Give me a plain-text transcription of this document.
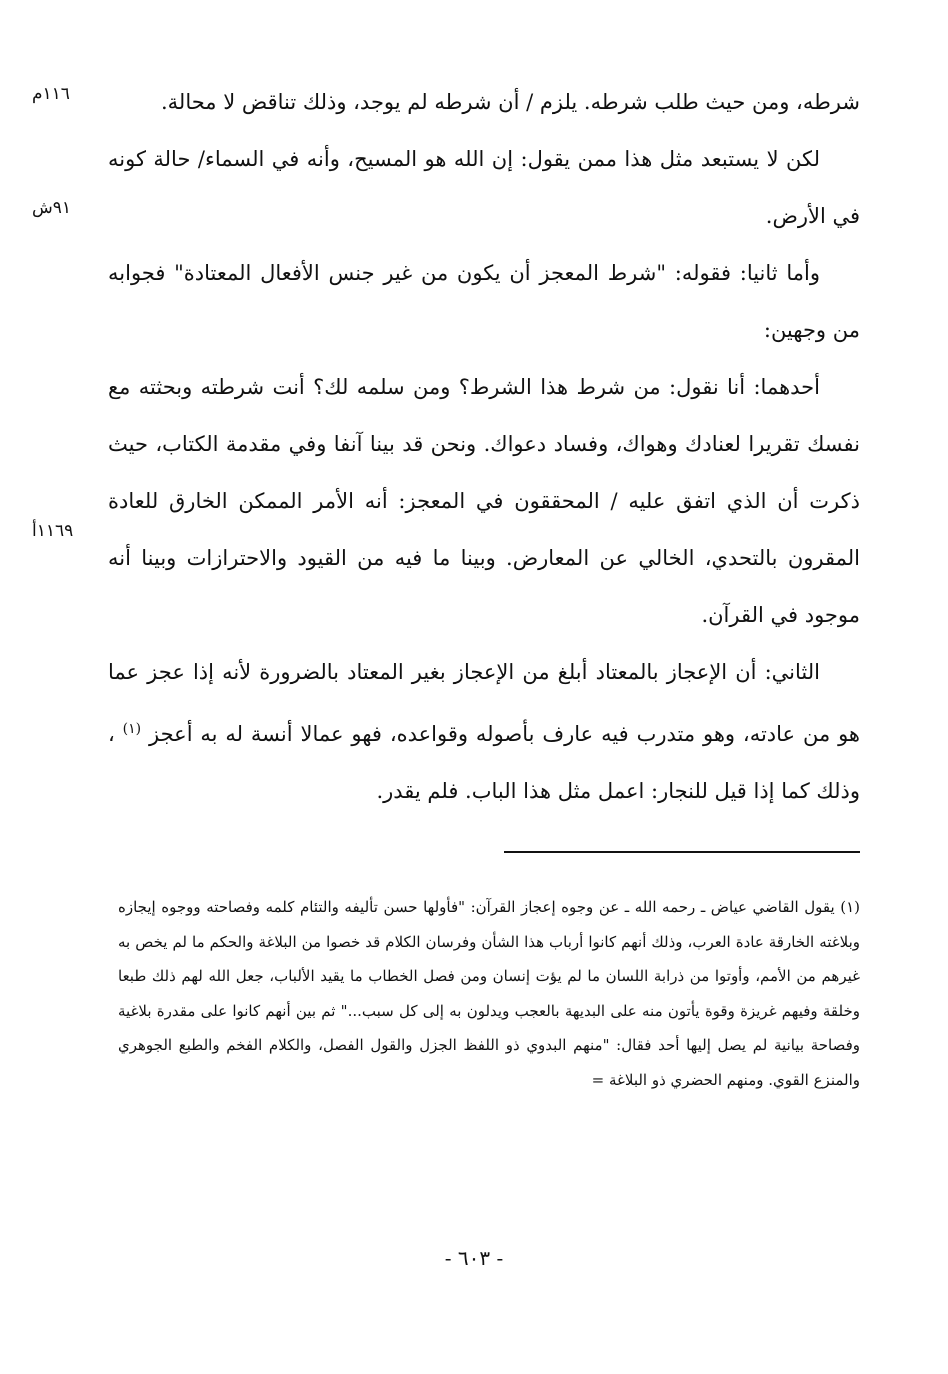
شرطه، ومن حيث طلب شرطه. يلزم / أن شرطه لم يوجد، وذلك تناقض لا محالة.

لكن لا يستبعد مثل هذا ممن يقول: إن الله هو المسيح، وأنه في السماء/ حالة كونه في الأرض.

وأما ثانيا: فقوله: "شرط المعجز أن يكون من غير جنس الأفعال المعتادة" فجوابه من وجهين:

أحدهما: أنا نقول: من شرط هذا الشرط؟ ومن سلمه لك؟ أنت شرطته وبحثته مع نفسك تقريرا لعنادك وهواك، وفساد دعواك. ونحن قد بينا آنفا وفي مقدمة الكتاب، حيث ذكرت أن الذي اتفق عليه / المحققون في المعجز: أنه الأمر الممكن الخارق للعادة المقرون بالتحدي، الخالي عن المعارض. وبينا ما فيه من القيود والاحترازات وبينا أنه موجود في القرآن.

الثاني: أن الإعجاز بالمعتاد أبلغ من الإعجاز بغير المعتاد بالضرورة لأنه إذا عجز عما هو من عادته، وهو متدرب فيه عارف بأصوله وقواعده، فهو عمالا أنسة له به أعجز $^{(١)}$ ، وذلك كما إذا قيل للنجار: اعمل مثل هذا الباب. فلم يقدر.

١١٦م
٩١ش
١١٦٩أ

(١) يقول القاضي عياض ـ رحمه الله ـ عن وجوه إعجاز القرآن: "فأولها حسن تأليفه والتئام كلمه وفصاحته ووجوه إيجازه وبلاغته الخارقة عادة العرب، وذلك أنهم كانوا أرباب هذا الشأن وفرسان الكلام قد خصوا من البلاغة والحكم ما لم يخص به غيرهم من الأمم، وأوتوا من ذرابة اللسان ما لم يؤت إنسان ومن فصل الخطاب ما يقيد الألباب، جعل الله لهم ذلك طبعا وخلقة وفيهم غريزة وقوة يأتون منه على البديهة بالعجب ويدلون به إلى كل سبب..." ثم بين أنهم كانوا على مقدرة بلاغية وفصاحة بيانية لم يصل إليها أحد فقال: "منهم البدوي ذو اللفظ الجزل والقول الفصل، والكلام الفخم والطبع الجوهري والمنزع القوي. ومنهم الحضري ذو البلاغة =

- ٦٠٣ -
